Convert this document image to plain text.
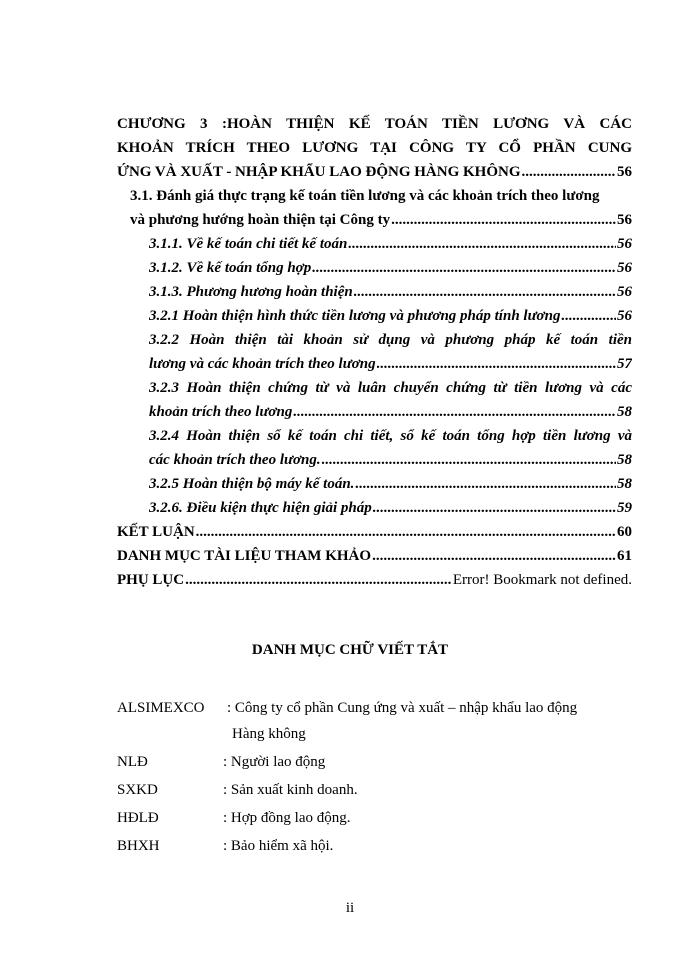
CHƯƠNG 3 :HOÀN THIỆN KẾ TOÁN TIỀN LƯƠNG VÀ CÁC
KHOẢN TRÍCH THEO LƯƠNG TẠI CÔNG TY CỔ PHẦN CUNG
ỨNG VÀ XUẤT - NHẬP KHẨU LAO ĐỘNG HÀNG KHÔNG .....	56
3.1. Đánh giá thực trạng kế toán tiền lương và các khoản trích theo lương
và phương hướng hoàn thiện tại Công ty .....	56
3.1.1. Về kế toán chi tiết kế toán .....	56
3.1.2. Về kế toán tổng hợp .....	56
3.1.3. Phương hương hoàn thiện .....	56
3.2.1 Hoàn thiện hình thức tiền lương và phương pháp tính lương .....	56
3.2.2 Hoàn thiện tài khoản sử dụng và phương pháp kế toán tiền
lương và các khoản trích theo lương .....	57
3.2.3 Hoàn thiện chứng từ và luân chuyển chứng từ tiền lương và các
khoản trích theo lương .....	58
3.2.4 Hoàn thiện sổ kế toán chi tiết, sổ kế toán tổng hợp tiền lương và
các khoản trích theo lương. .....	58
3.2.5 Hoàn thiện bộ máy kế toán. .....	58
3.2.6. Điều kiện thực hiện giải pháp .....	59
KẾT LUẬN .....	60
DANH MỤC TÀI LIỆU THAM KHẢO .....	61
PHỤ LỤC .....	Error! Bookmark not defined.
DANH MỤC CHỮ VIẾT TẮT
ALSIMEXCO : Công ty cổ phần Cung ứng và xuất – nhập khẩu lao động
Hàng không
NLĐ	: Người lao động
SXKD	: Sản xuất kinh doanh.
HĐLĐ	: Hợp đồng lao động.
BHXH	: Bảo hiểm xã hội.
ii
